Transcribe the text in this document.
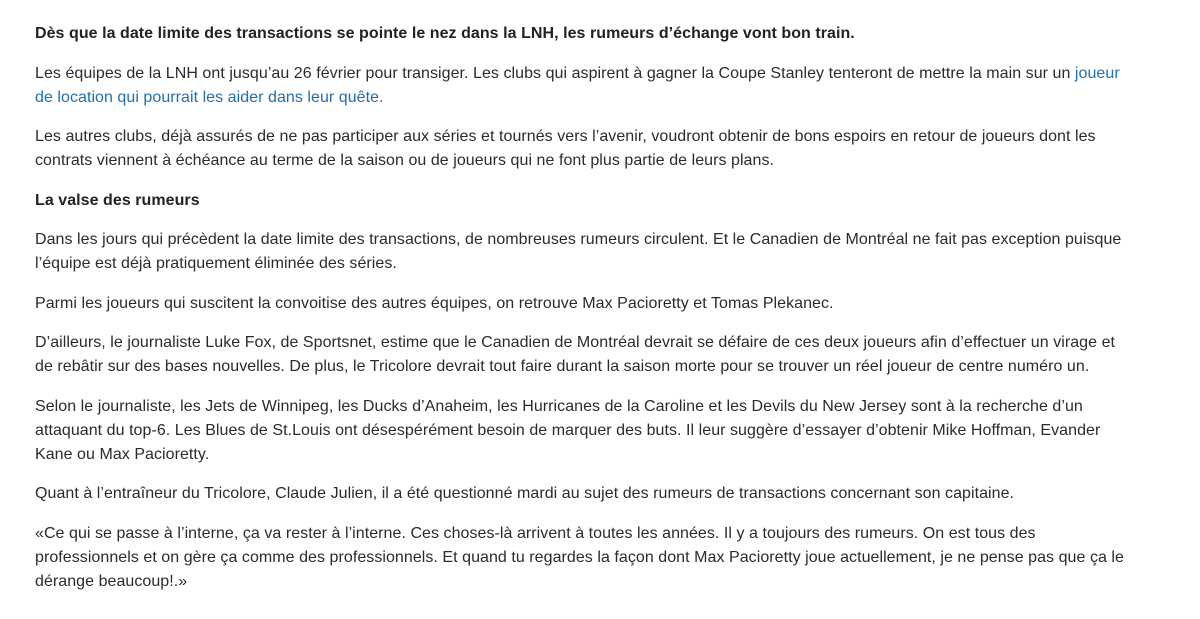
Dès que la date limite des transactions se pointe le nez dans la LNH, les rumeurs d’échange vont bon train.

Les équipes de la LNH ont jusqu’au 26 février pour transiger. Les clubs qui aspirent à gagner la Coupe Stanley tenteront de mettre la main sur un joueur de location qui pourrait les aider dans leur quête.

Les autres clubs, déjà assurés de ne pas participer aux séries et tournés vers l’avenir, voudront obtenir de bons espoirs en retour de joueurs dont les contrats viennent à échéance au terme de la saison ou de joueurs qui ne font plus partie de leurs plans.

La valse des rumeurs

Dans les jours qui précèdent la date limite des transactions, de nombreuses rumeurs circulent. Et le Canadien de Montréal ne fait pas exception puisque l’équipe est déjà pratiquement éliminée des séries.

Parmi les joueurs qui suscitent la convoitise des autres équipes, on retrouve Max Pacioretty et Tomas Plekanec.

D’ailleurs, le journaliste Luke Fox, de Sportsnet, estime que le Canadien de Montréal devrait se défaire de ces deux joueurs afin d’effectuer un virage et de rebâtir sur des bases nouvelles. De plus, le Tricolore devrait tout faire durant la saison morte pour se trouver un réel joueur de centre numéro un.

Selon le journaliste, les Jets de Winnipeg, les Ducks d’Anaheim, les Hurricanes de la Caroline et les Devils du New Jersey sont à la recherche d’un attaquant du top-6. Les Blues de St.Louis ont désespérément besoin de marquer des buts. Il leur suggère d’essayer d’obtenir Mike Hoffman, Evander Kane ou Max Pacioretty.

Quant à l’entraîneur du Tricolore, Claude Julien, il a été questionné mardi au sujet des rumeurs de transactions concernant son capitaine.

«Ce qui se passe à l’interne, ça va rester à l’interne. Ces choses-là arrivent à toutes les années. Il y a toujours des rumeurs. On est tous des professionnels et on gère ça comme des professionnels. Et quand tu regardes la façon dont Max Pacioretty joue actuellement, je ne pense pas que ça le dérange beaucoup!.»
